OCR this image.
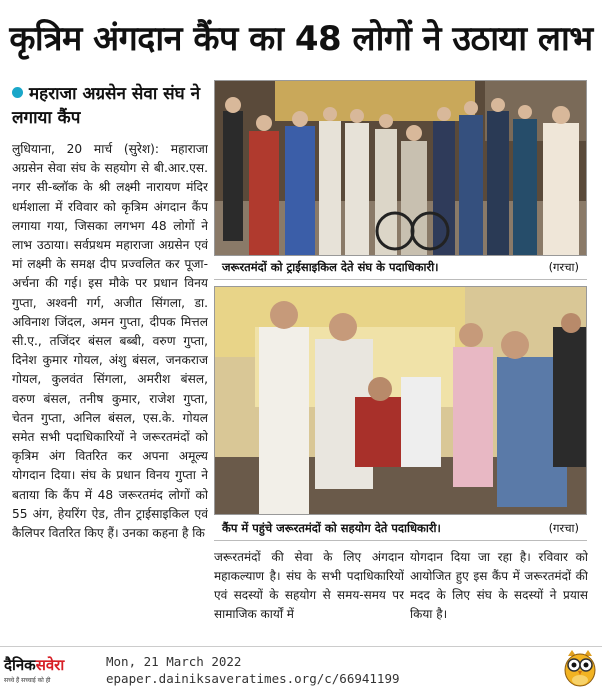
कृत्रिम अंगदान कैंप का 48 लोगों ने उठाया लाभ
महराजा अग्रसेन सेवा संघ ने लगाया कैंप
लुधियाना, 20 मार्च (सुरेश): महाराजा अग्रसेन सेवा संघ के सहयोग से बी.आर.एस. नगर सी-ब्लॉक के श्री लक्ष्मी नारायण मंदिर धर्मशाला में रविवार को कृत्रिम अंगदान कैंप लगाया गया, जिसका लगभग 48 लोगों ने लाभ उठाया। सर्वप्रथम महाराजा अग्रसेन एवं मां लक्ष्मी के समक्ष दीप प्रज्वलित कर पूजा-अर्चना की गई। इस मौके पर प्रधान विनय गुप्ता, अश्वनी गर्ग, अजीत सिंगला, डा. अविनाश जिंदल, अमन गुप्ता, दीपक मित्तल सी.ए., तजिंदर बंसल बब्बी, वरुण गुप्ता, दिनेश कुमार गोयल, अंशु बंसल, जनकराज गोयल, कुलवंत सिंगला, अमरीश बंसल, वरुण बंसल, तनीष कुमार, राजेश गुप्ता, चेतन गुप्ता, अनिल बंसल, एस.के. गोयल समेत सभी पदाधिकारियों ने जरूरतमंदों को कृत्रिम अंग वितरित कर अपना अमूल्य योगदान दिया। संघ के प्रधान विनय गुप्ता ने बताया कि कैंप में 48 जरूरतमंद लोगों को 55 अंग, हेयरिंग ऐड, तीन ट्राईसाइकिल एवं कैलिपर वितरित किए हैं। उनका कहना है कि
जरूरतमंदों को ट्राईसाइकिल देते संघ के पदाधिकारी।	(गरचा)
कैंप में पहुंचे जरूरतमंदों को सहयोग देते पदाधिकारी।	(गरचा)
जरूरतमंदों की सेवा के लिए अंगदान महाकल्याण है। संघ के सभी पदाधिकारियों एवं सदस्यों के सहयोग से समय-समय पर सामाजिक कार्यों में
योगदान दिया जा रहा है। रविवार को आयोजित हुए इस कैंप में जरूरतमंदों की मदद के लिए संघ के सदस्यों ने प्रयास किया है।
दैनिकसवेरा
सच्चे हैं सच्चाई को ही
Mon, 21 March 2022
epaper.dainiksaveratimes.org/c/66941199
